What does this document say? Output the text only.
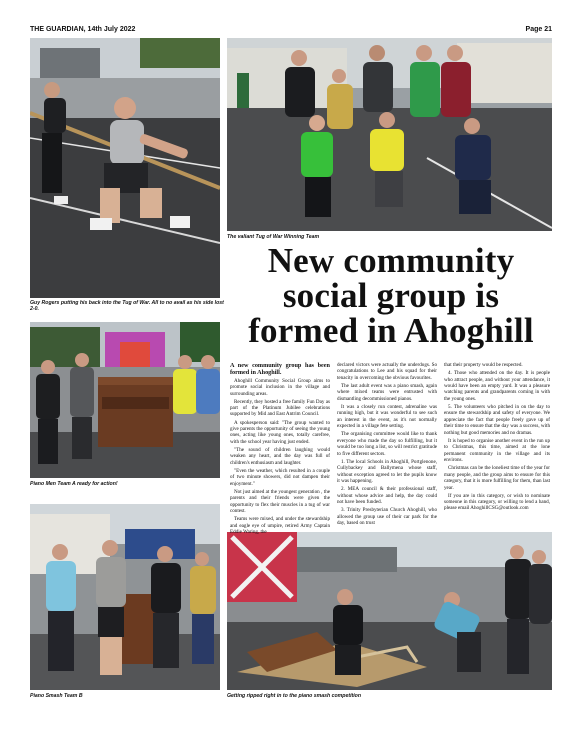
THE GUARDIAN, 14th July 2022	Page 21
The valiant Tug of War Winning Team
Guy Rogers putting his back into the Tug of War. All to no avail as his side lost 2-0.
New community
social group is
formed in Ahoghill
Piano Men Team A ready for action!
Piano Smash Team B	Getting ripped right in to the piano smash competition

A new community group has been formed in Ahoghill.

Ahoghill Community Social Group aims to promote social inclusion in the village and surrounding areas.

Recently, they hosted a free family Fun Day as part of the Platinum Jubilee celebrations supported by Mid and East Antrim Council.

A spokesperson said: "The group wanted to give parents the opportunity of seeing the young ones, acting like young ones, totally carefree, with the school year having just ended.

"The sound of children laughing would weaken any heart, and the day was full of children's enthusiasm and laughter.

"Even the weather, which resulted in a couple of two minute showers, did not dampen their enjoyment."

Not just aimed at the youngest generation , the parents and their friends were given the opportunity to flex their muscles in a tug of war contest.

Teams were mixed, and under the stewardship and eagle eye of umpire, retired Army Captain Eddie Waring, the

declared victors were actually the underdogs. So congratulations to Lee and his squad for their tenacity in overcoming the obvious favourites.

The last adult event was a piano smash, again where mixed teams were entrusted with dismantling decommissioned pianos.

It was a closely run contest, adrenaline was running high, but it was wonderful to see such an interest in the event, as it's not normally expected in a village fete setting.

The organising committee would like to thank everyone who made the day so fulfilling, but it would be too long a list, so will restrict gratitude to five different sectors.

1. The local Schools in Ahoghill, Portglenone, Cullybackey and Ballymena whose staff, without exception agreed to let the pupils know it was happening.

2. MEA council & their professional staff, without whose advice and help, the day could not have been funded.

3. Trinity Presbyterian Church Ahoghill, who allowed the group use of their car park for the day, based on trust

that their property would be respected.

4. Those who attended on the day. It is people who attract people, and without your attendance, it would have been an empty yard. It was a pleasure watching parents and grandparents coming in with the young ones.

5. The volunteers who pitched in on the day to ensure the stewardship and safety of everyone. We appreciate the fact that people freely gave up of their time to ensure that the day was a success, with nothing but good memories and no dramas.

It is hoped to organise another event in the run up to Christmas, this time, aimed at the lone permanent community in the village and its environs.

Christmas can be the loneliest time of the year for many people, and the group aims to ensure for this category, that it is more fulfilling for them, than last year.

If you are in this category, or wish to nominate someone in this category, or willing to lend a hand, please email AhoghillCSG@outlook.com
